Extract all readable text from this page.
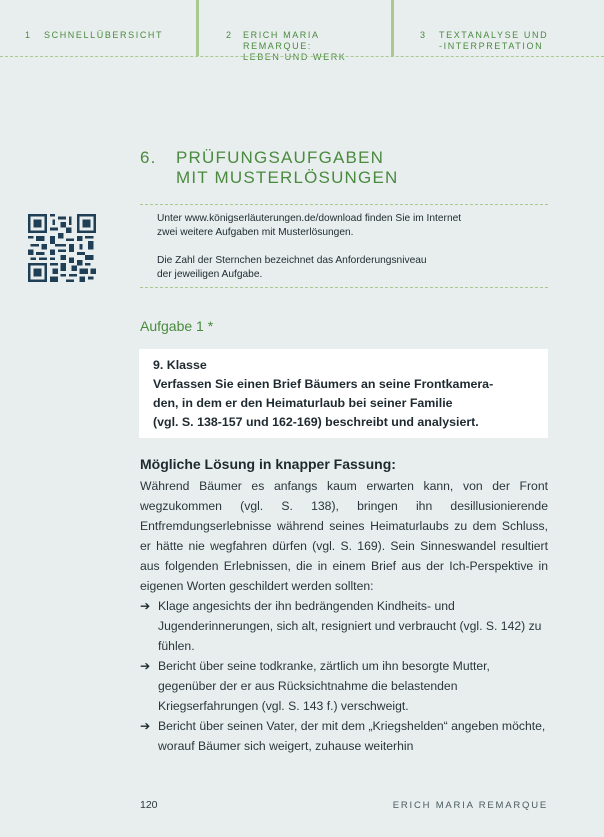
1 SCHNELLÜBERSICHT	2 ERICH MARIA REMARQUE:
LEBEN UND WERK
3 TEXTANALYSE UND
-INTERPRETATION
6. PRÜFUNGSAUFGABEN
MIT MUSTERLÖSUNGEN
Unter www.königserläuterungen.de/download finden Sie im Internet
zwei weitere Aufgaben mit Musterlösungen.
Die Zahl der Sternchen bezeichnet das Anforderungsniveau
der jeweiligen Aufgabe.
Aufgabe 1 *
9. Klasse
Verfassen Sie einen Brief Bäumers an seine Frontkamera-
den, in dem er den Heimaturlaub bei seiner Familie
(vgl. S. 138-157 und 162-169) beschreibt und analysiert.
Mögliche Lösung in knapper Fassung:

Während Bäumer es anfangs kaum erwarten kann, von der Front wegzukommen (vgl. S. 138), bringen ihn desillusionierende Entfremdungserlebnisse während seines Heimaturlaubs zu dem Schluss, er hätte nie wegfahren dürfen (vgl. S. 169). Sein Sinneswandel resultiert aus folgenden Erlebnissen, die in einem Brief aus der Ich-Perspektive in eigenen Worten geschildert werden sollten:

➔ Klage angesichts der ihn bedrängenden Kindheits- und Jugenderinnerungen, sich alt, resigniert und verbraucht (vgl. S. 142) zu fühlen.
➔ Bericht über seine todkranke, zärtlich um ihn besorgte Mutter, gegenüber der er aus Rücksichtnahme die belastenden Kriegserfahrungen (vgl. S. 143 f.) verschweigt.
➔ Bericht über seinen Vater, der mit dem „Kriegshelden“ angeben möchte, worauf Bäumer sich weigert, zuhause weiterhin
120	ERICH MARIA REMARQUE
